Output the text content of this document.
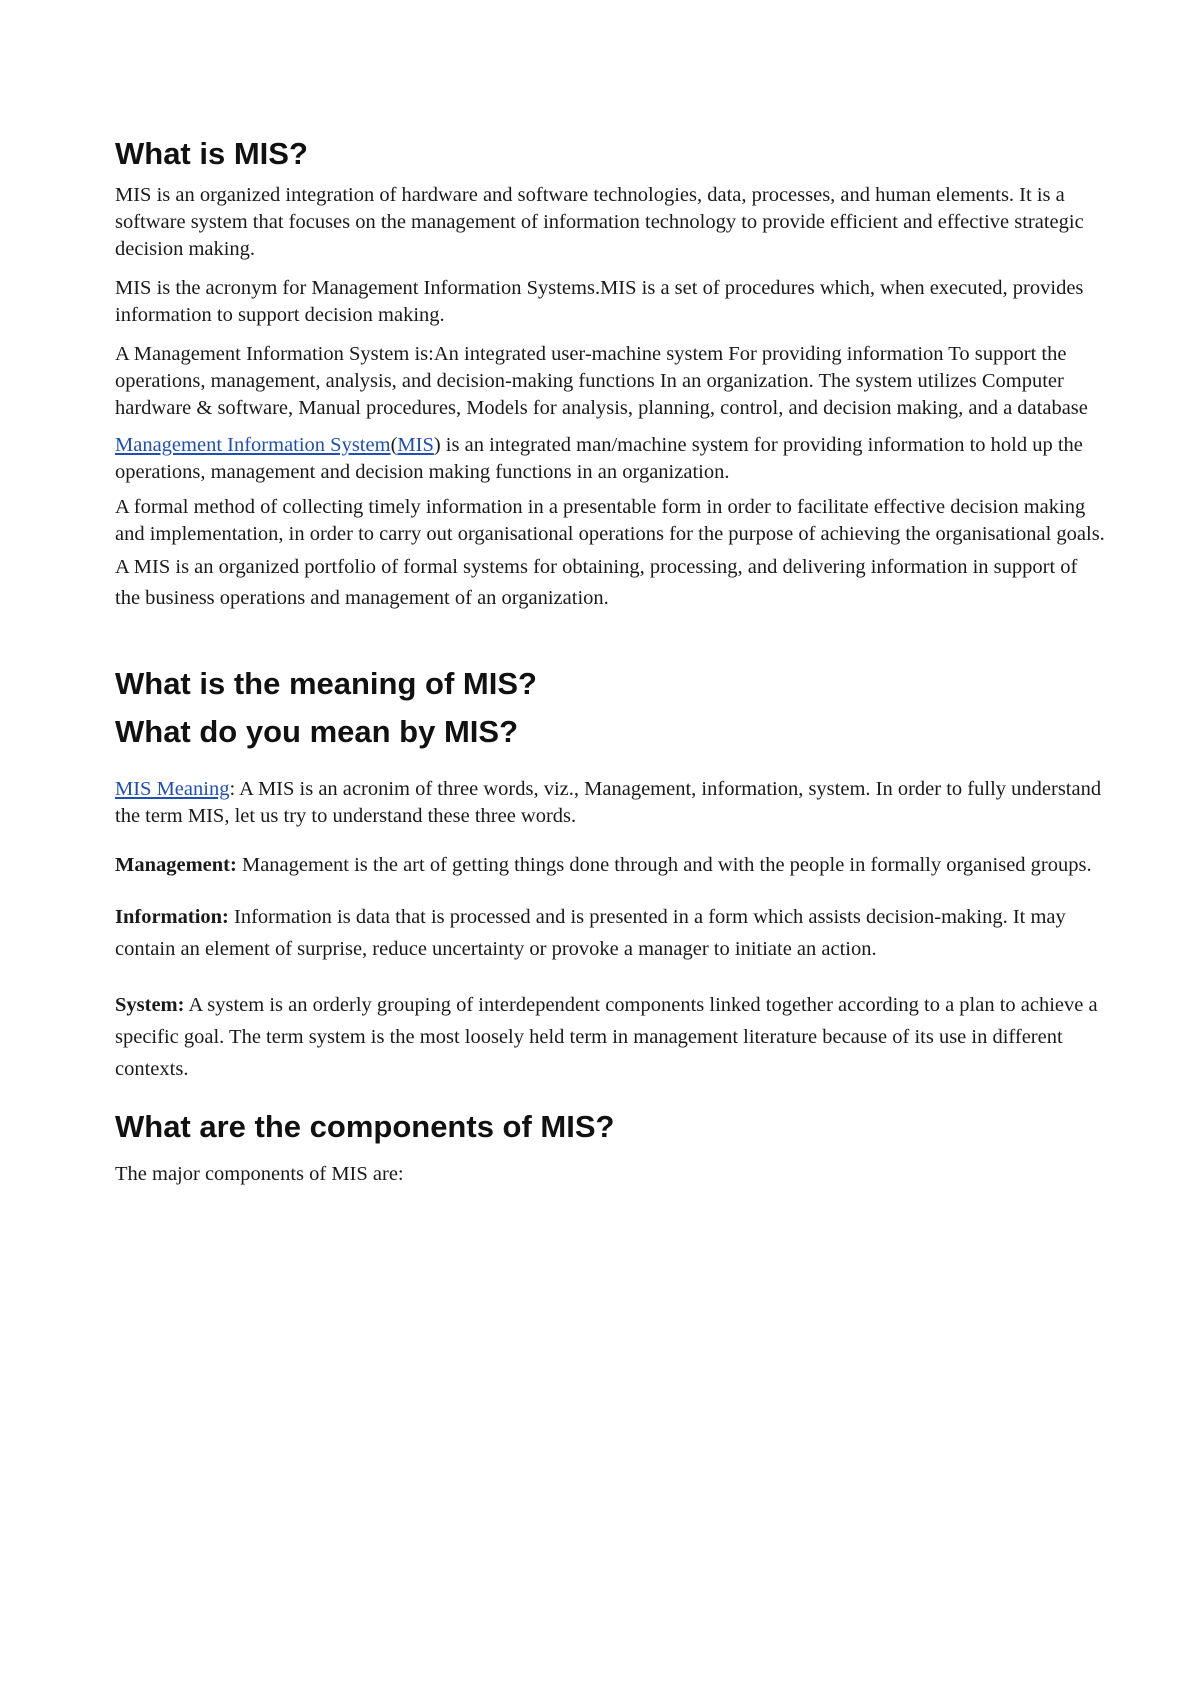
What is MIS?

MIS is an organized integration of hardware and software technologies, data, processes, and human elements. It is a software system that focuses on the management of information technology to provide efficient and effective strategic decision making.

MIS is the acronym for Management Information Systems.MIS is a set of procedures which, when executed, provides information to support decision making.

A Management Information System is:An integrated user-machine system For providing information To support the operations, management, analysis, and decision-making functions In an organization. The system utilizes Computer hardware & software, Manual procedures, Models for analysis, planning, control, and decision making, and a database

Management Information System(MIS) is an integrated man/machine system for providing information to hold up the operations, management and decision making functions in an organization.

A formal method of collecting timely information in a presentable form in order to facilitate effective decision making and implementation, in order to carry out organisational operations for the purpose of achieving the organisational goals.

A MIS is an organized portfolio of formal systems for obtaining, processing, and delivering information in support of the business operations and management of an organization.

What is the meaning of MIS?
What do you mean by MIS?

MIS Meaning: A MIS is an acronim of three words, viz., Management, information, system. In order to fully understand the term MIS, let us try to understand these three words.

Management: Management is the art of getting things done through and with the people in formally organised groups.

Information: Information is data that is processed and is presented in a form which assists decision-making. It may contain an element of surprise, reduce uncertainty or provoke a manager to initiate an action.

System: A system is an orderly grouping of interdependent components linked together according to a plan to achieve a specific goal. The term system is the most loosely held term in management literature because of its use in different contexts.

What are the components of MIS?

The major components of MIS are:
